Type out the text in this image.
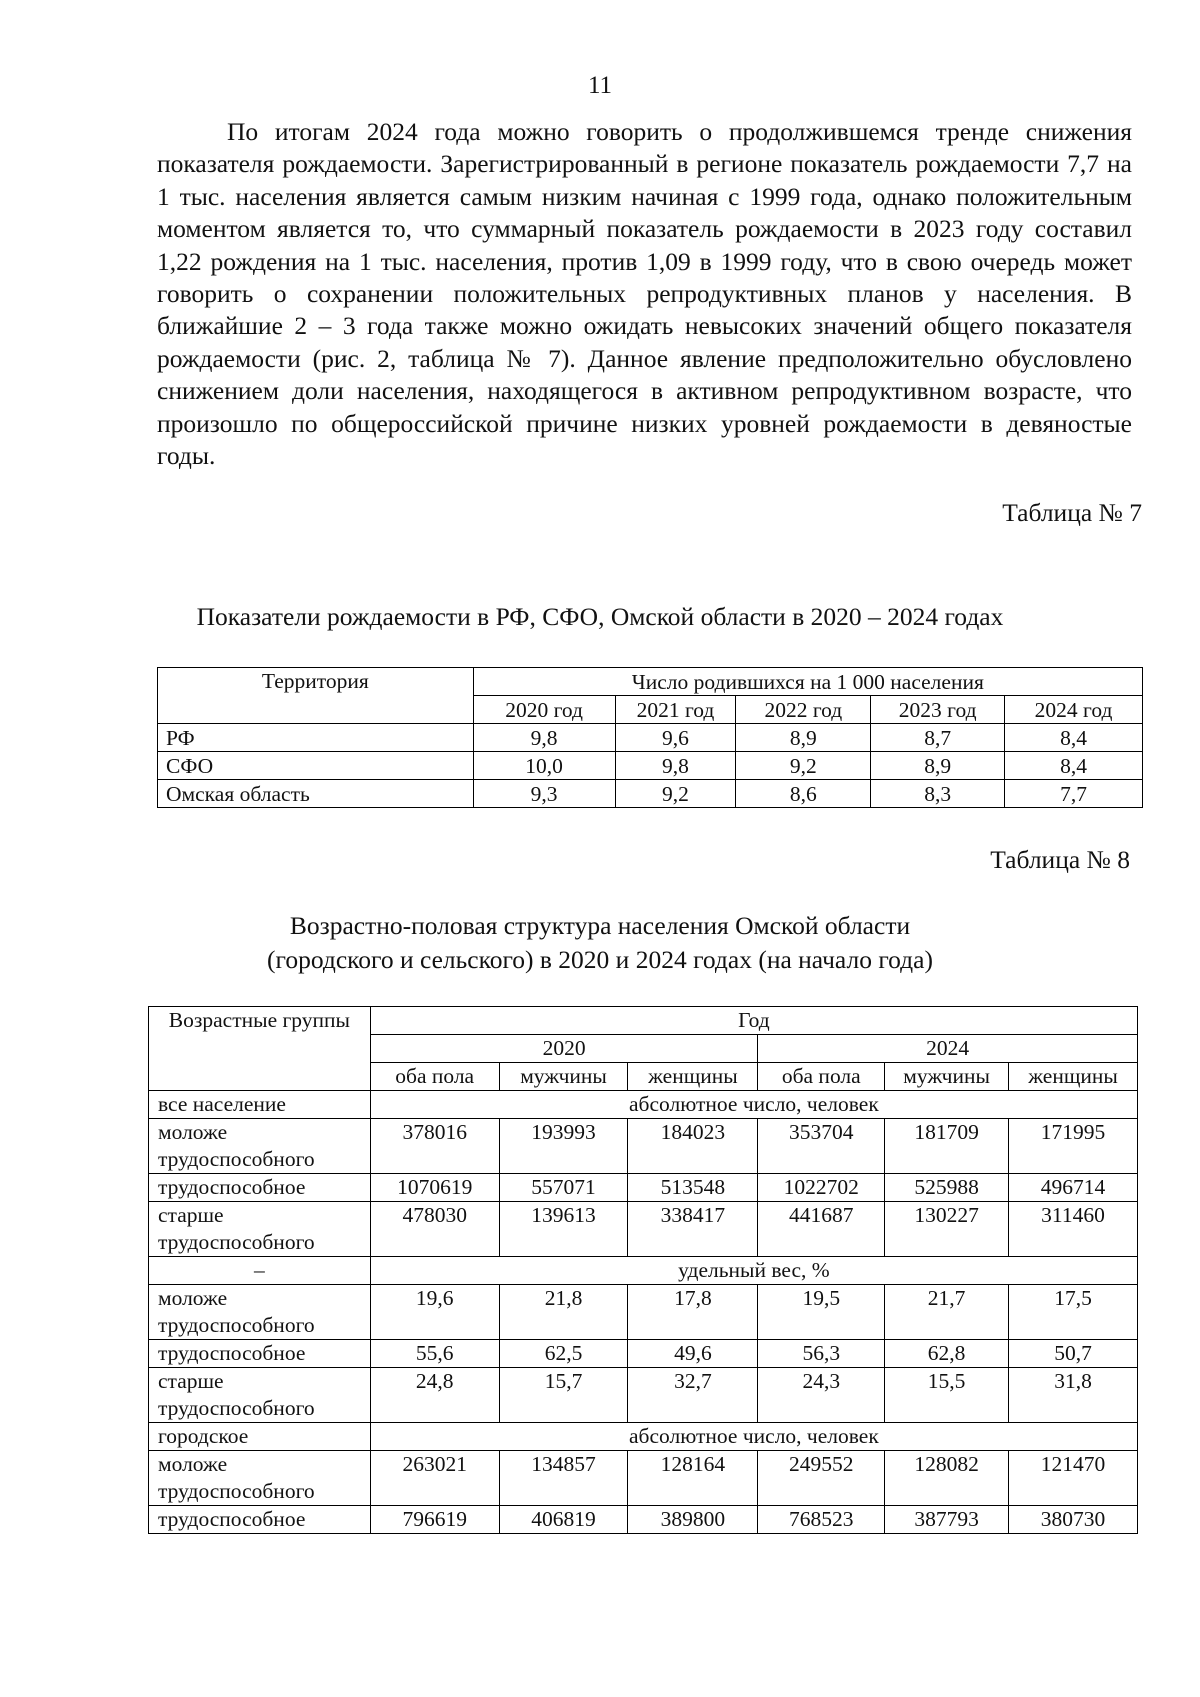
11

По итогам 2024 года можно говорить о продолжившемся тренде снижения показателя рождаемости. Зарегистрированный в регионе показатель рождаемости 7,7 на 1 тыс. населения является самым низким начиная с 1999 года, однако положительным моментом является то, что суммарный показатель рождаемости в 2023 году составил 1,22 рождения на 1 тыс. населения, против 1,09 в 1999 году, что в свою очередь может говорить о сохранении положительных репродуктивных планов у населения. В ближайшие 2 – 3 года также можно ожидать невысоких значений общего показателя рождаемости (рис. 2, таблица № 7). Данное явление предположительно обусловлено снижением доли населения, находящегося в активном репродуктивном возрасте, что произошло по общероссийской причине низких уровней рождаемости в девяностые годы.

Таблица № 7
Показатели рождаемости в РФ, СФО, Омской области в 2020 – 2024 годах
Территория	Число родившихся на 1 000 населения				
	2020 год	2021 год	2022 год	2023 год	2024 год
РФ	9,8	9,6	8,9	8,7	8,4
СФО	10,0	9,8	9,2	8,9	8,4
Омская область	9,3	9,2	8,6	8,3	7,7
Таблица № 8
Возрастно-половая структура населения Омской области
(городского и сельского) в 2020 и 2024 годах (на начало года)
Возрастные группы	Год					
	2020			2024		
	оба пола	мужчины	женщины	оба пола	мужчины	женщины
все население	абсолютное число, человек					
моложе трудоспособного	378016	193993	184023	353704	181709	171995
трудоспособное	1070619	557071	513548	1022702	525988	496714
старше трудоспособного	478030	139613	338417	441687	130227	311460
–	удельный вес, %					
моложе трудоспособного	19,6	21,8	17,8	19,5	21,7	17,5
трудоспособное	55,6	62,5	49,6	56,3	62,8	50,7
старше трудоспособного	24,8	15,7	32,7	24,3	15,5	31,8
городское	абсолютное число, человек					
моложе трудоспособного	263021	134857	128164	249552	128082	121470
трудоспособное	796619	406819	389800	768523	387793	380730
